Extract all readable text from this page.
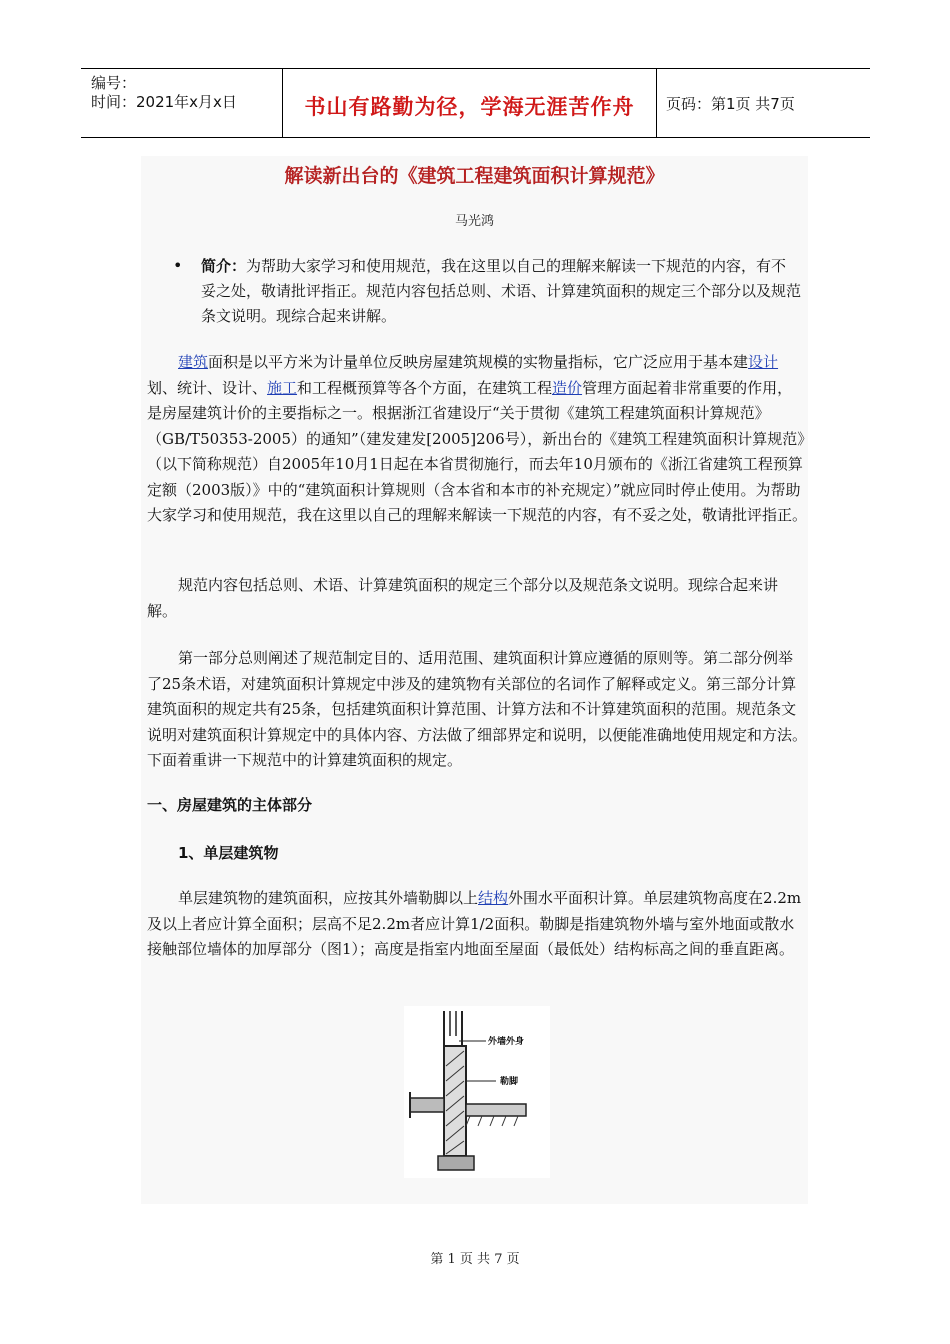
编号：
时间：2021年x月x日	书山有路勤为径，学海无涯苦作舟	页码：第1页 共7页
解读新出台的《建筑工程建筑面积计算规范》
马光鸿
• 简介：为帮助大家学习和使用规范，我在这里以自己的理解来解读一下规范的内容，有不妥之处，敬请批评指正。规范内容包括总则、术语、计算建筑面积的规定三个部分以及规范条文说明。现综合起来讲解。
建筑面积是以平方米为计量单位反映房屋建筑规模的实物量指标，它广泛应用于基本建设计划、统计、设计、施工和工程概预算等各个方面，在建筑工程造价管理方面起着非常重要的作用，是房屋建筑计价的主要指标之一。根据浙江省建设厅“关于贯彻《建筑工程建筑面积计算规范》（GB/T50353-2005）的通知”（建发建发[2005]206号），新出台的《建筑工程建筑面积计算规范》（以下简称规范）自2005年10月1日起在本省贯彻施行，而去年10月颁布的《浙江省建筑工程预算定额（2003版）》中的“建筑面积计算规则（含本省和本市的补充规定）”就应同时停止使用。为帮助大家学习和使用规范，我在这里以自己的理解来解读一下规范的内容，有不妥之处，敬请批评指正。
规范内容包括总则、术语、计算建筑面积的规定三个部分以及规范条文说明。现综合起来讲解。
第一部分总则阐述了规范制定目的、适用范围、建筑面积计算应遵循的原则等。第二部分例举了25条术语，对建筑面积计算规定中涉及的建筑物有关部位的名词作了解释或定义。第三部分计算建筑面积的规定共有25条，包括建筑面积计算范围、计算方法和不计算建筑面积的范围。规范条文说明对建筑面积计算规定中的具体内容、方法做了细部界定和说明，以便能准确地使用规定和方法。下面着重讲一下规范中的计算建筑面积的规定。
一、房屋建筑的主体部分
1、单层建筑物
单层建筑物的建筑面积，应按其外墙勒脚以上结构外围水平面积计算。单层建筑物高度在2.2m及以上者应计算全面积；层高不足2.2m者应计算1/2面积。勒脚是指建筑物外墙与室外地面或散水接触部位墙体的加厚部分（图1）；高度是指室内地面至屋面（最低处）结构标高之间的垂直距离。
外墙外身
勒脚
第 1 页 共 7 页
